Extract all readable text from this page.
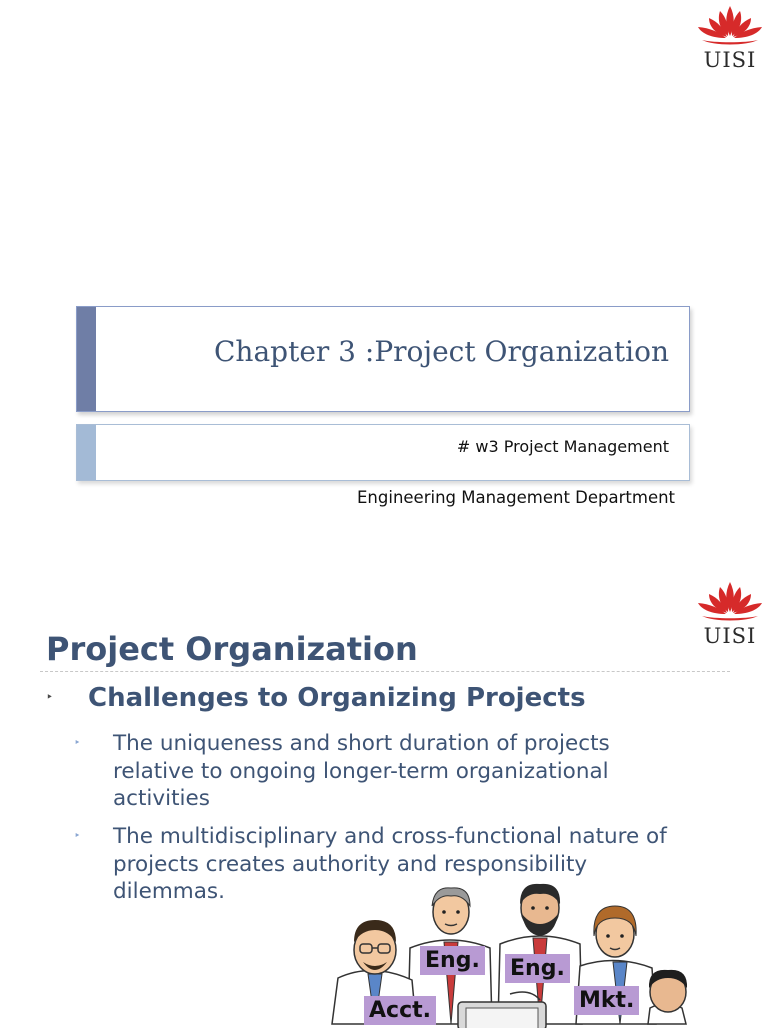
UISI
Chapter 3 :Project Organization
# w3 Project Management
Engineering Management Department
UISI
Project Organization
‣ Challenges to Organizing Projects
‣ The uniqueness and short duration of projects relative to ongoing longer-term organizational activities
‣ The multidisciplinary and cross-functional nature of projects creates authority and responsibility dilemmas.
Eng. Eng.
Acct.	Mkt.
